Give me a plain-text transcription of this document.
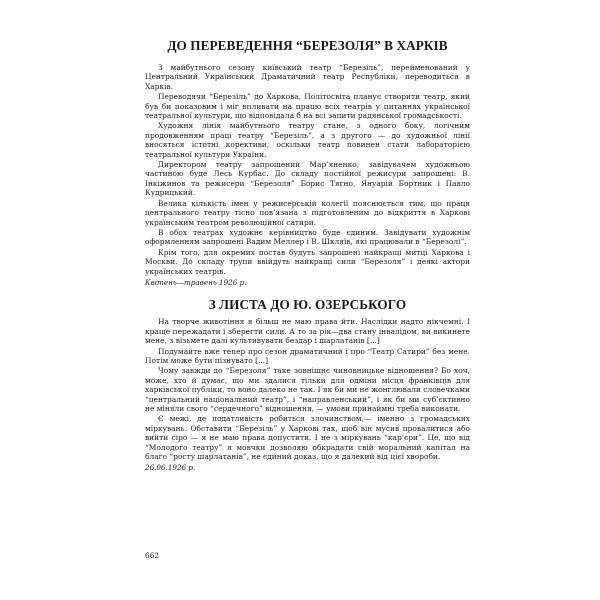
ДО ПЕРЕВЕДЕННЯ “БЕРЕЗОЛЯ” В ХАРКІВ

З майбутнього сезону київський театр “Березіль”, перейменований у Центральний Український Драматичний театр Республіки, переводиться в Харків.

Переводячи “Березіль” до Харкова, Політосвіта планує створити театр, який був би показовим і міг впливати на працю всіх театрів у питаннях української театральної культури, що відповідала б на всі запити радянської громадськості.

Художня лінія майбутнього театру стане, з одного боку, логічним продовженням праці театру “Березіль”, а з другого — до художньої лінії вносяться істотні корективи, оскільки театр повинен стати лабораторією театральної культури України.

Директором театру запрошений Мар’яненко; завідувачем художньою частиною буде Лесь Курбас. До складу постійної режисури запрошені: В. Інкіжинов та режисери “Березоля” Борис Тягно, Януарій Бортник і Павло Кудрицький.

Велика кількість імен у режисерській колегії пояснюється тим, що праця центрального театру тісно пов’язана з підготовленим до відкриття в Харкові українським театром революційної сатири.

В обох театрах художнє керівництво буде єдиним. Завідувати художнім оформленням запрошені Вадим Меллер і В. Шкляїв, які працювали в “Березолі”.

Крім того, для окремих постав будуть запрошені найкращі митці Харкова і Москви. До складу трупи ввійдуть найкращі сили “Березоля” і деякі актори українських театрів.

Квітень—травень 1926 р.

З ЛИСТА ДО Ю. ОЗЕРСЬКОГО

На творче животіння я більш не маю права йти. Наслідки надто нікчемні. І краще пережадати і зберегти сили. А то за рік—два стану інвалідом, ви викинете мене, з візьмете далі культивувати бездар і шарлатанів [...]

Подумайте вже тепер про сезон драматичний і про “Театр Сатири” без мене. Потім може бути пізнувато [...]

Чому завжди до “Березоля” таке зовнішнє чиновницьке відношення? Бо хоч, може, хто й думає, що ми здалися тільки для одміни місця франківців для харківської публіки, то воно далеко не так. І як би ми не жонглювали словечками “центральний національний театр”, і “направленський”, і як би ми суб’єктивно не міняли свого “сердечного” відношення, — умови принаймні треба виконати.

Є межі, де податливість робиться злочинством,— іменно з громадських міркувань. Обставити “Березіль” у Харкові так, щоб він мусив провалитися або вийти сіро — я не маю права допустити. І не з міркувань “кар’єри”. Це, що від “Молодого театру” я мовчки дозволяю обкрадати свій моральний капітал на благо “росту шарлатанів”, не єдиний доказ, що я далекий від цієї хвороби.

26.06.1926 р.

662
